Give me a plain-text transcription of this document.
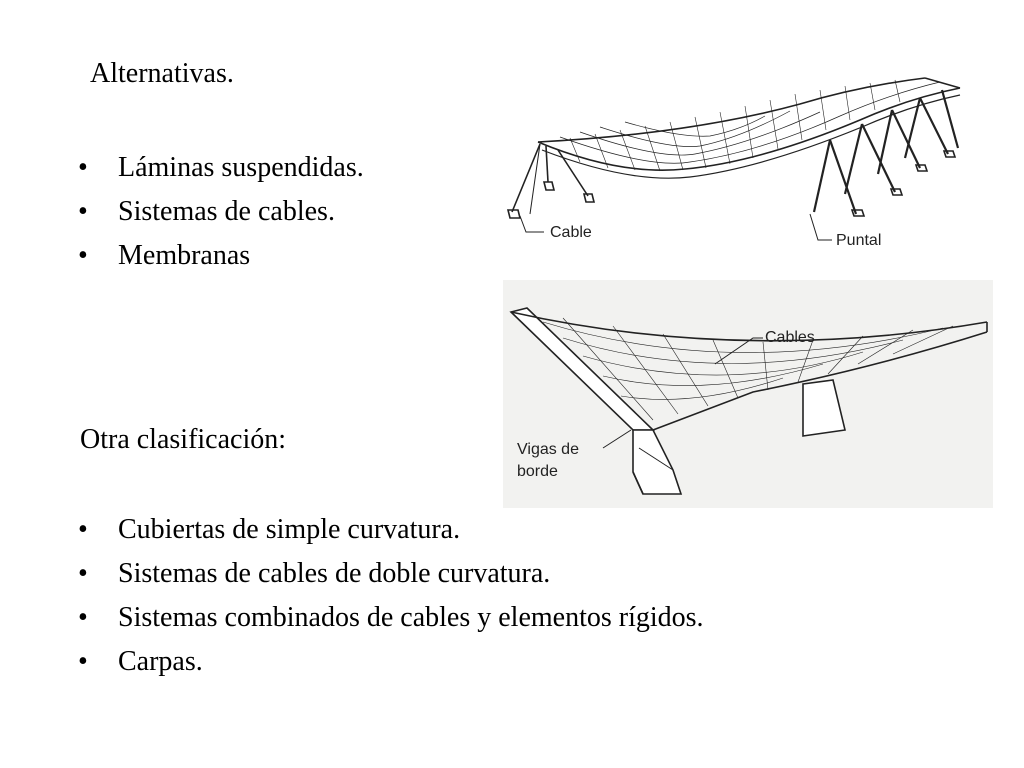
Alternativas.
• Láminas suspendidas.
• Sistemas de cables.
• Membranas
Otra clasificación:
• Cubiertas de simple curvatura.
• Sistemas de cables de doble curvatura.
• Sistemas combinados de cables y elementos rígidos.
• Carpas.
Cable	Puntal
Cables
Vigas de
borde
